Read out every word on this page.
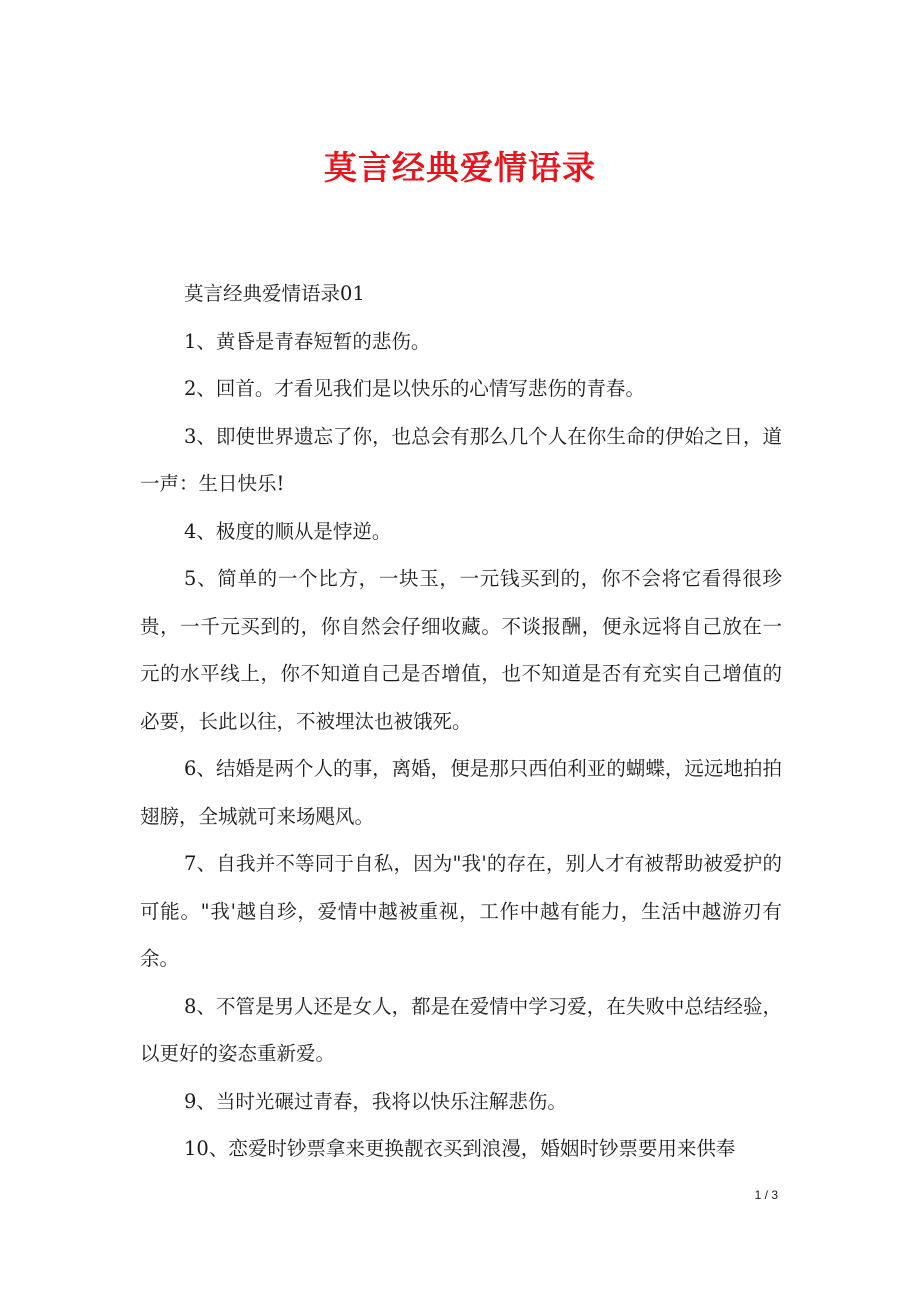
莫言经典爱情语录

莫言经典爱情语录01

1、黄昏是青春短暂的悲伤。

2、回首。才看见我们是以快乐的心情写悲伤的青春。

3、即使世界遗忘了你，也总会有那么几个人在你生命的伊始之日，道一声：生日快乐!

4、极度的顺从是悖逆。

5、简单的一个比方，一块玉，一元钱买到的，你不会将它看得很珍贵，一千元买到的，你自然会仔细收藏。不谈报酬，便永远将自己放在一元的水平线上，你不知道自己是否增值，也不知道是否有充实自己增值的必要，长此以往，不被埋汰也被饿死。

6、结婚是两个人的事，离婚，便是那只西伯利亚的蝴蝶，远远地拍拍翅膀，全城就可来场飓风。

7、自我并不等同于自私，因为"我'的存在，别人才有被帮助被爱护的可能。"我'越自珍，爱情中越被重视，工作中越有能力，生活中越游刃有余。

8、不管是男人还是女人，都是在爱情中学习爱，在失败中总结经验，以更好的姿态重新爱。

9、当时光碾过青春，我将以快乐注解悲伤。

10、恋爱时钞票拿来更换靓衣买到浪漫，婚姻时钞票要用来供奉

1 / 3
